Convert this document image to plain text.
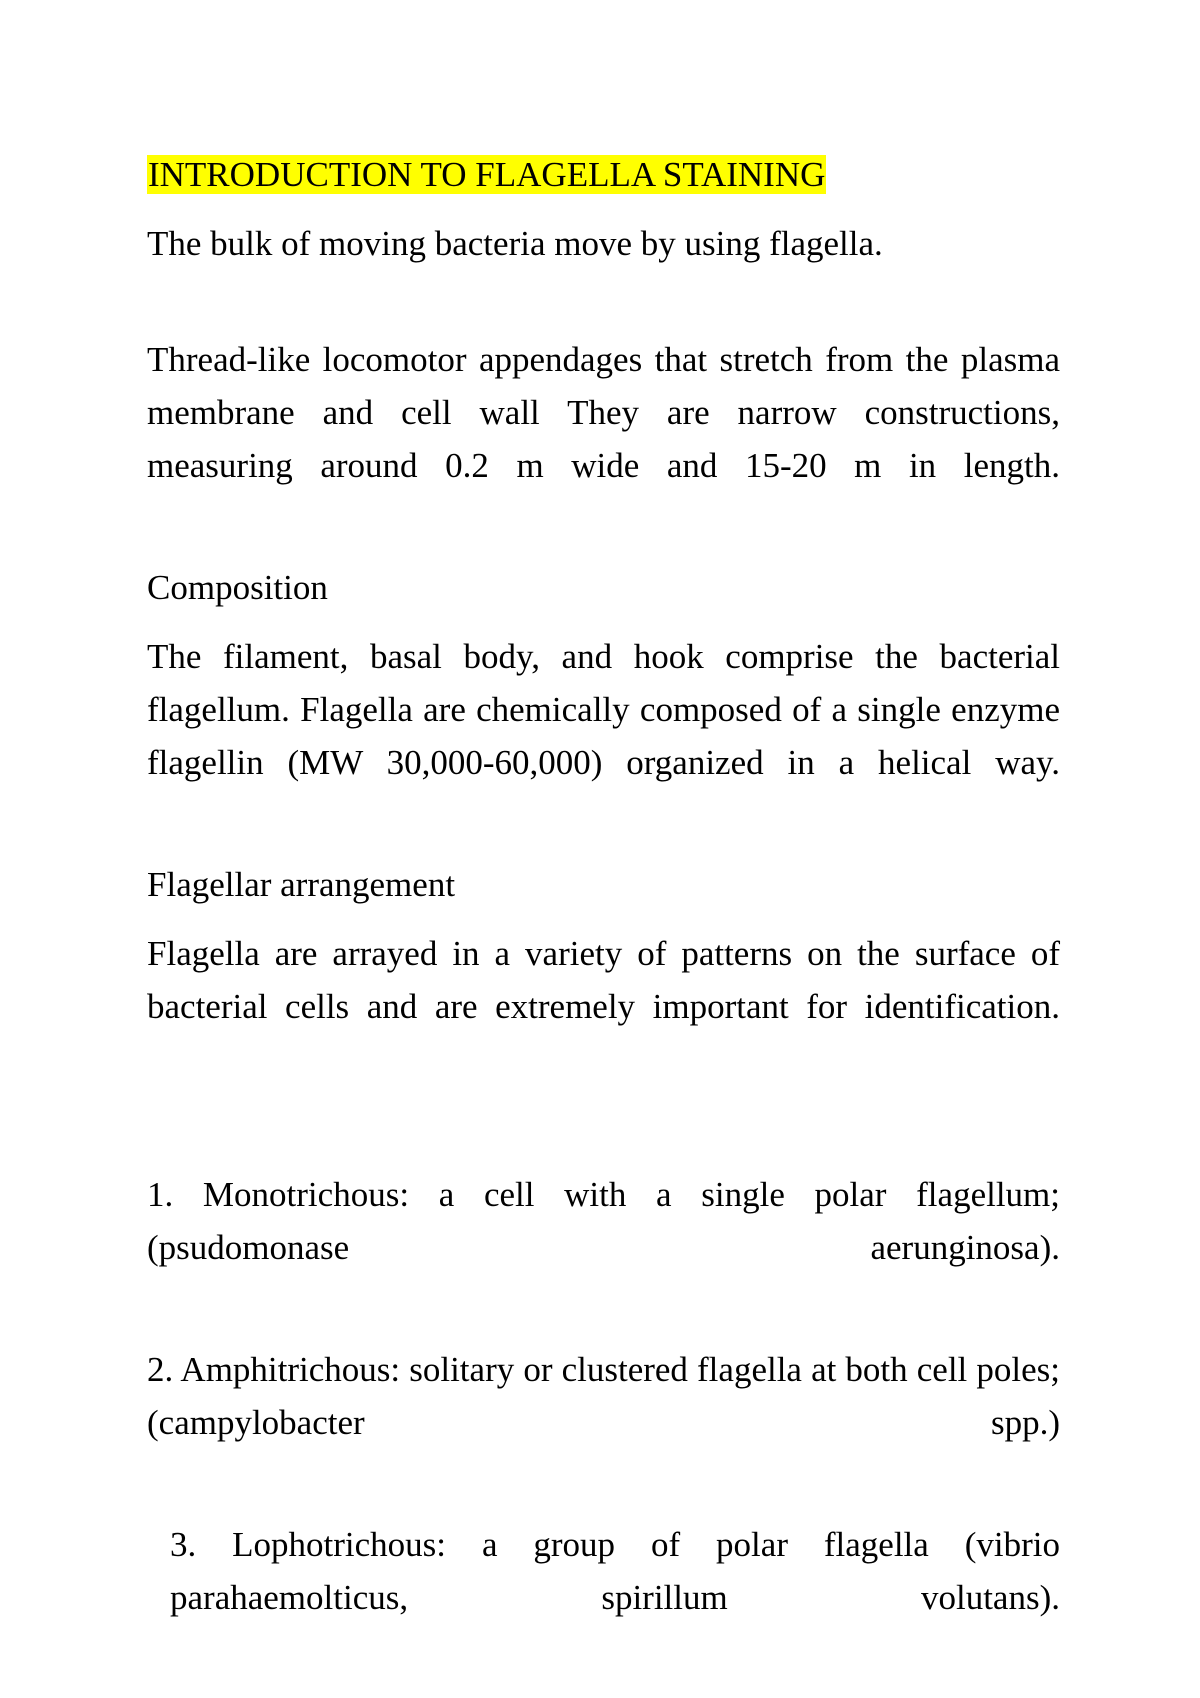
INTRODUCTION TO FLAGELLA STAINING
The bulk of moving bacteria move by using flagella.
Thread-like locomotor appendages that stretch from the plasma membrane and cell wall They are narrow constructions, measuring around 0.2 m wide and 15-20 m in length.
Composition
The filament, basal body, and hook comprise the bacterial flagellum. Flagella are chemically composed of a single enzyme flagellin (MW 30,000-60,000) organized in a helical way.
Flagellar arrangement
Flagella are arrayed in a variety of patterns on the surface of bacterial cells and are extremely important for identification.
1. Monotrichous: a cell with a single polar flagellum; (psudomonase aerunginosa).
2. Amphitrichous: solitary or clustered flagella at both cell poles; (campylobacter spp.)
3. Lophotrichous: a group of polar flagella (vibrio parahaemolticus, spirillum volutans).
